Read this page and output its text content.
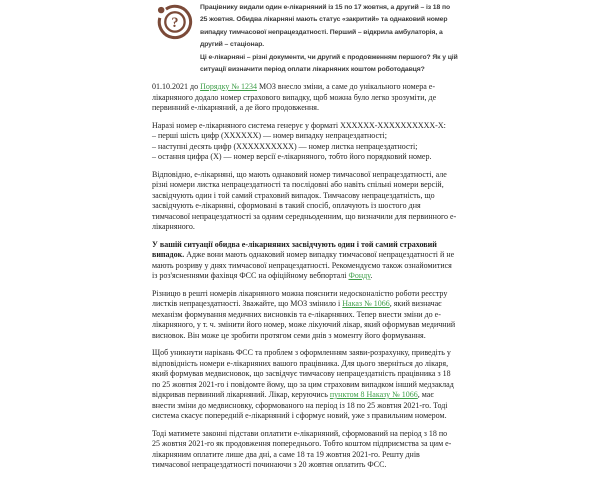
?

Працівнику видали один е-лікарняний із 15 по 17 жовтня, а другий – із 18 по 25 жовтня. Обидва лікарняні мають статус «закритий» та однаковий номер випадку тимчасової непрацездатності. Перший – відкрила амбулаторія, а другий – стаціонар.

Ці е-лікарняні – різні документи, чи другий є продовженням першого? Як у цій ситуації визначити період оплати лікарняних коштом роботодавця?

01.10.2021 до Порядку № 1234 МОЗ внесло зміни, а саме до унікального номера е-лікарняного додало номер страхового випадку, щоб можна було легко зрозуміти, де первинний е-лікарняний, а де його продовження.

Наразі номер е-лікарняного система генерує у форматі ХХХХХХ-ХХХХХХХХХХ-Х:
– перші шість цифр (ХХХХХХ) — номер випадку непрацездатності;
– наступні десять цифр (ХХХХХХХХХХ) — номер листка непрацездатності;
– остання цифра (Х) — номер версії е-лікарняного, тобто його порядковий номер.

Відповідно, е-лікарняні, що мають однаковий номер тимчасової непрацездатності, але різні номери листка непрацездатності та послідовні або навіть спільні номери версій, засвідчують один і той самий страховий випадок. Тимчасову непрацездатність, що засвідчують е-лікарняні, сформовані в такий спосіб, оплачують із шостого дня тимчасової непрацездатності за одним середньоденним, що визначили для первинного е-лікарняного.

У вашій ситуації обидва е-лікарняних засвідчують один і той самий страховий випадок. Адже вони мають однаковий номер випадку тимчасової непрацездатності й не мають розриву у днях тимчасової непрацездатності. Рекомендуємо також ознайомитися із роз'ясненнями фахівця ФСС на офіційному вебпорталі Фонду.

Різницю в решті номерів лікарняного можна пояснити недосконалістю роботи реєстру листків непрацездатності. Зважайте, що МОЗ змінило і Наказ № 1066, який визначає механізм формування медичних висновків та е-лікарняних. Тепер внести зміни до е-лікарняного, у т. ч. змінити його номер, може лікуючий лікар, який оформував медичний висновок. Він може це зробити протягом семи днів з моменту його формування.

Щоб уникнути нарікань ФСС та проблем з оформленням заяви-розрахунку, приведіть у відповідність номери е-лікарняних вашого працівника. Для цього зверніться до лікаря, який формував медвисновок, що засвідчує тимчасову непрацездатність працівника з 18 по 25 жовтня 2021-го і повідомте йому, що за цим страховим випадком інший медзаклад відкривав первинний лікарняний. Лікар, керуючись пунктом 8 Наказу № 1066, має внести зміни до медвисновку, сформованого на період із 18 по 25 жовтня 2021-го. Тоді система скасує попередній е-лікарняний і сформує новий, уже з правильним номером.

Тоді матимете законні підстави оплатити е-лікарняний, сформований на період з 18 по 25 жовтня 2021-го як продовження попереднього. Тобто коштом підприємства за цим е-лікарняним оплатите лише два дні, а саме 18 та 19 жовтня 2021-го. Решту днів тимчасової непрацездатності починаючи з 20 жовтня оплатить ФСС.
